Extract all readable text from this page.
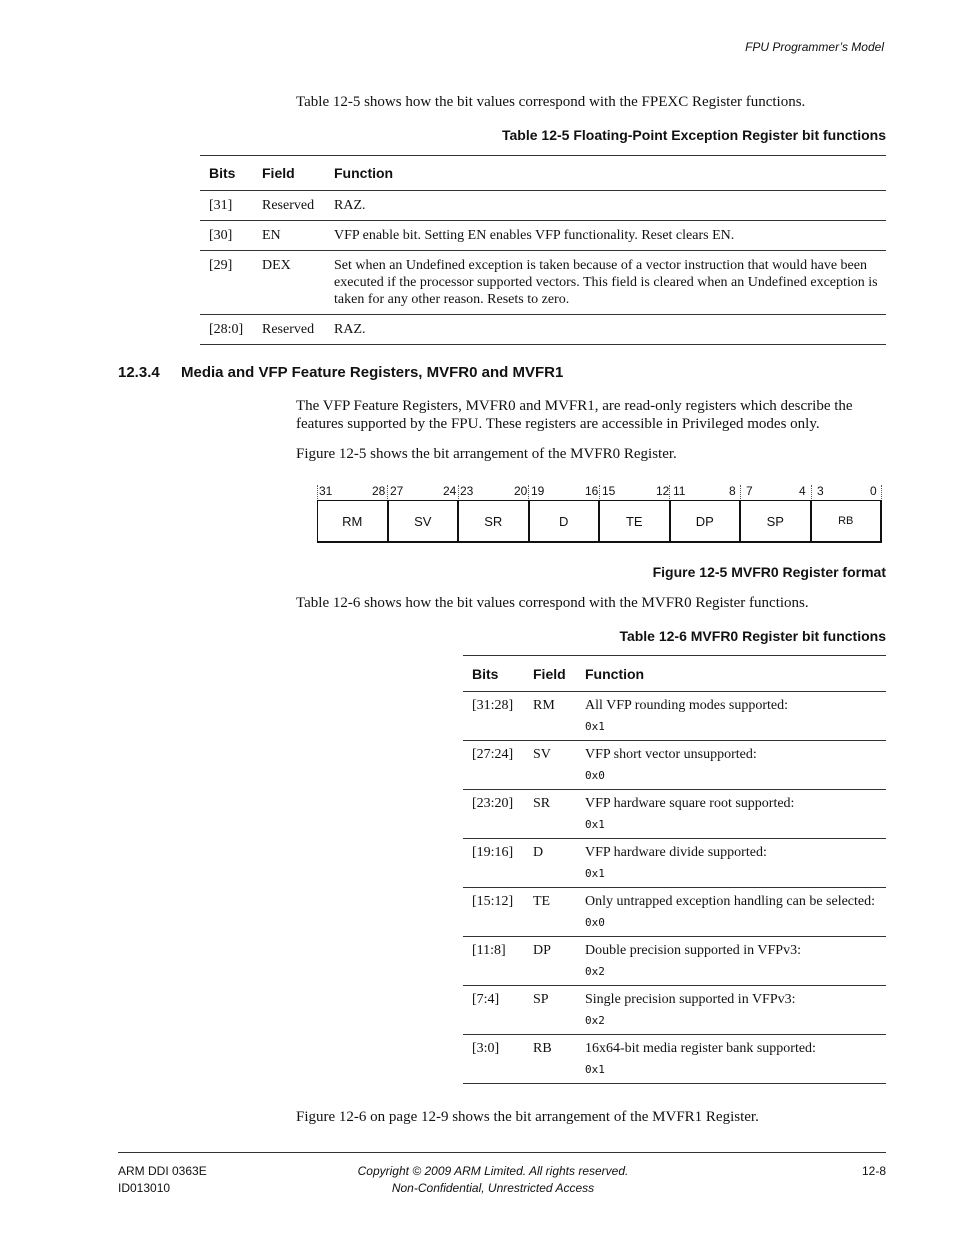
FPU Programmer’s Model
Table 12-5 shows how the bit values correspond with the FPEXC Register functions.
Table 12-5 Floating-Point Exception Register bit functions
Bits	Field	Function
[31]	Reserved	RAZ.
[30]	EN	VFP enable bit. Setting EN enables VFP functionality. Reset clears EN.
[29]	DEX	Set when an Undefined exception is taken because of a vector instruction that would have been executed if the processor supported vectors. This field is cleared when an Undefined exception is taken for any other reason. Resets to zero.
[28:0]	Reserved	RAZ.
12.3.4 Media and VFP Feature Registers, MVFR0 and MVFR1
The VFP Feature Registers, MVFR0 and MVFR1, are read-only registers which describe the features supported by the FPU. These registers are accessible in Privileged modes only.
Figure 12-5 shows the bit arrangement of the MVFR0 Register.
31	28 27	24 23	20 19	16 15	12 11	8 7	4 3	0
RM	SV	SR	D	TE	DP	SP	RB
Figure 12-5 MVFR0 Register format
Table 12-6 shows how the bit values correspond with the MVFR0 Register functions.
Table 12-6 MVFR0 Register bit functions
Bits	Field	Function
[31:28]	RM	All VFP rounding modes supported:
0x1

[27:24]	SV	VFP short vector unsupported:
0x0

[23:20]	SR	VFP hardware square root supported:
0x1

[19:16]	D	VFP hardware divide supported:
0x1

[15:12]	TE	Only untrapped exception handling can be selected:
0x0

[11:8]	DP	Double precision supported in VFPv3:
0x2

[7:4]	SP	Single precision supported in VFPv3:
0x2

[3:0]	RB	16x64-bit media register bank supported:
0x1
Figure 12-6 on page 12-9 shows the bit arrangement of the MVFR1 Register.
ARM DDI 0363E
ID013010
Copyright © 2009 ARM Limited. All rights reserved.
Non-Confidential, Unrestricted Access
12-8
